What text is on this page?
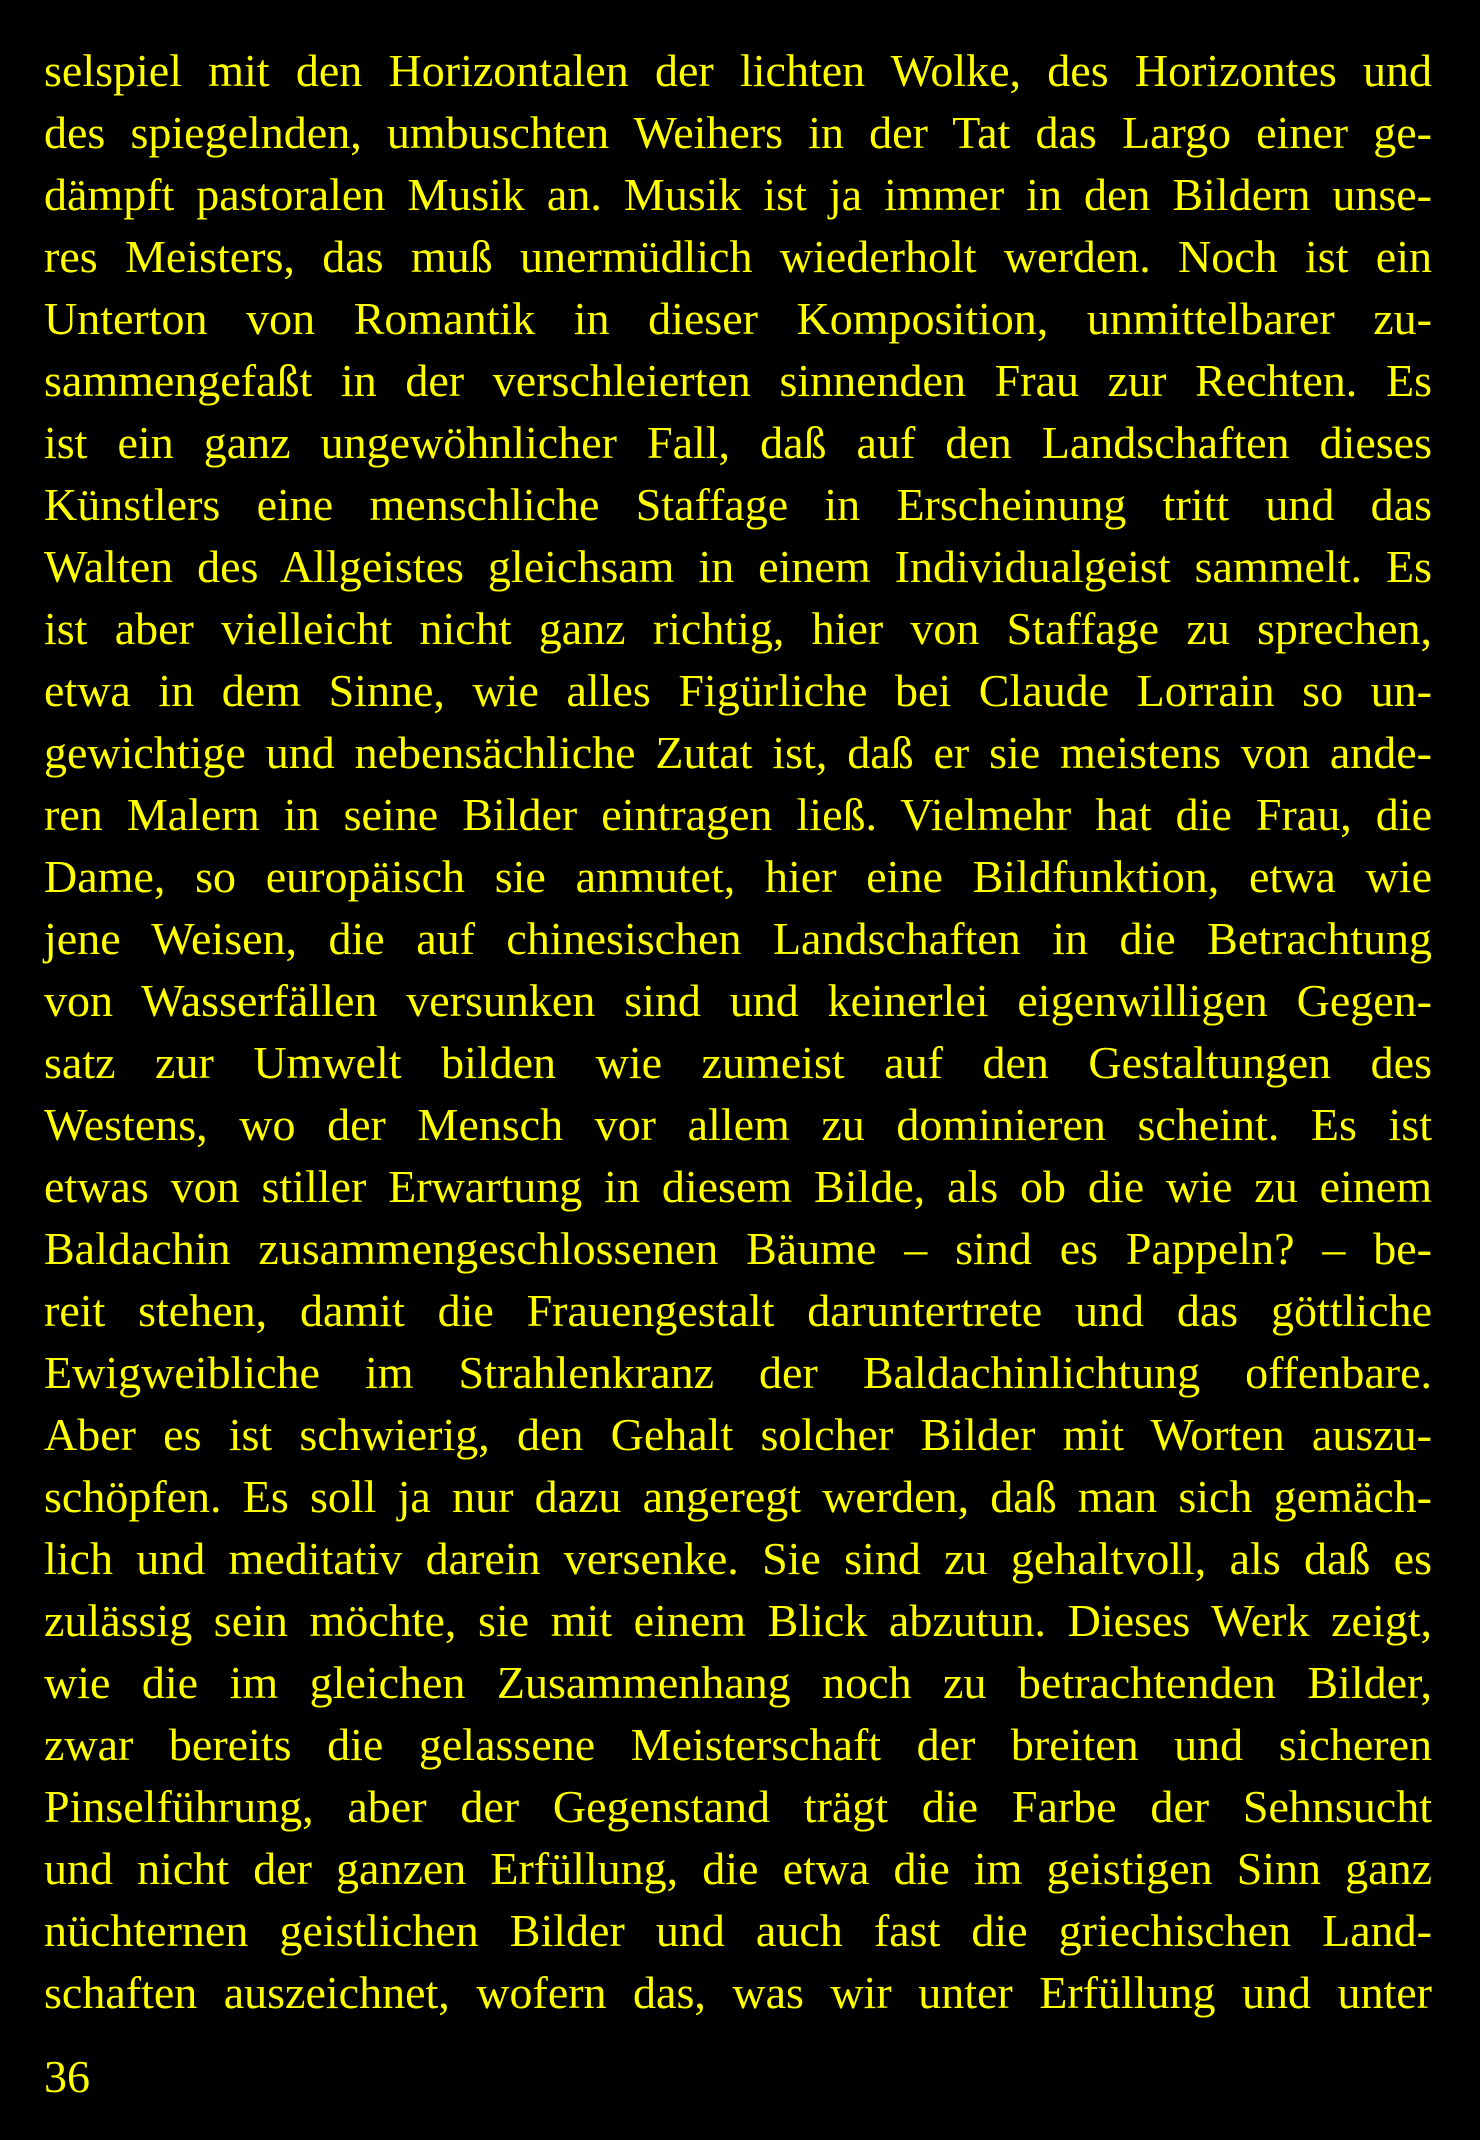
selspiel mit den Horizontalen der lichten Wolke, des Horizontes und
des spiegelnden, umbuschten Weihers in der Tat das Largo einer ge-
dämpft pastoralen Musik an. Musik ist ja immer in den Bildern unse-
res Meisters, das muß unermüdlich wiederholt werden. Noch ist ein
Unterton von Romantik in dieser Komposition, unmittelbarer zu-
sammengefaßt in der verschleierten sinnenden Frau zur Rechten. Es
ist ein ganz ungewöhnlicher Fall, daß auf den Landschaften dieses
Künstlers eine menschliche Staffage in Erscheinung tritt und das
Walten des Allgeistes gleichsam in einem Individualgeist sammelt. Es
ist aber vielleicht nicht ganz richtig, hier von Staffage zu sprechen,
etwa in dem Sinne, wie alles Figürliche bei Claude Lorrain so un-
gewichtige und nebensächliche Zutat ist, daß er sie meistens von ande-
ren Malern in seine Bilder eintragen ließ. Vielmehr hat die Frau, die
Dame, so europäisch sie anmutet, hier eine Bildfunktion, etwa wie
jene Weisen, die auf chinesischen Landschaften in die Betrachtung
von Wasserfällen versunken sind und keinerlei eigenwilligen Gegen-
satz zur Umwelt bilden wie zumeist auf den Gestaltungen des
Westens, wo der Mensch vor allem zu dominieren scheint. Es ist
etwas von stiller Erwartung in diesem Bilde, als ob die wie zu einem
Baldachin zusammengeschlossenen Bäume – sind es Pappeln? – be-
reit stehen, damit die Frauengestalt daruntertrete und das göttliche
Ewigweibliche im Strahlenkranz der Baldachinlichtung offenbare.
Aber es ist schwierig, den Gehalt solcher Bilder mit Worten auszu-
schöpfen. Es soll ja nur dazu angeregt werden, daß man sich gemäch-
lich und meditativ darein versenke. Sie sind zu gehaltvoll, als daß es
zulässig sein möchte, sie mit einem Blick abzutun. Dieses Werk zeigt,
wie die im gleichen Zusammenhang noch zu betrachtenden Bilder,
zwar bereits die gelassene Meisterschaft der breiten und sicheren
Pinselführung, aber der Gegenstand trägt die Farbe der Sehnsucht
und nicht der ganzen Erfüllung, die etwa die im geistigen Sinn ganz
nüchternen geistlichen Bilder und auch fast die griechischen Land-
schaften auszeichnet, wofern das, was wir unter Erfüllung und unter
36
